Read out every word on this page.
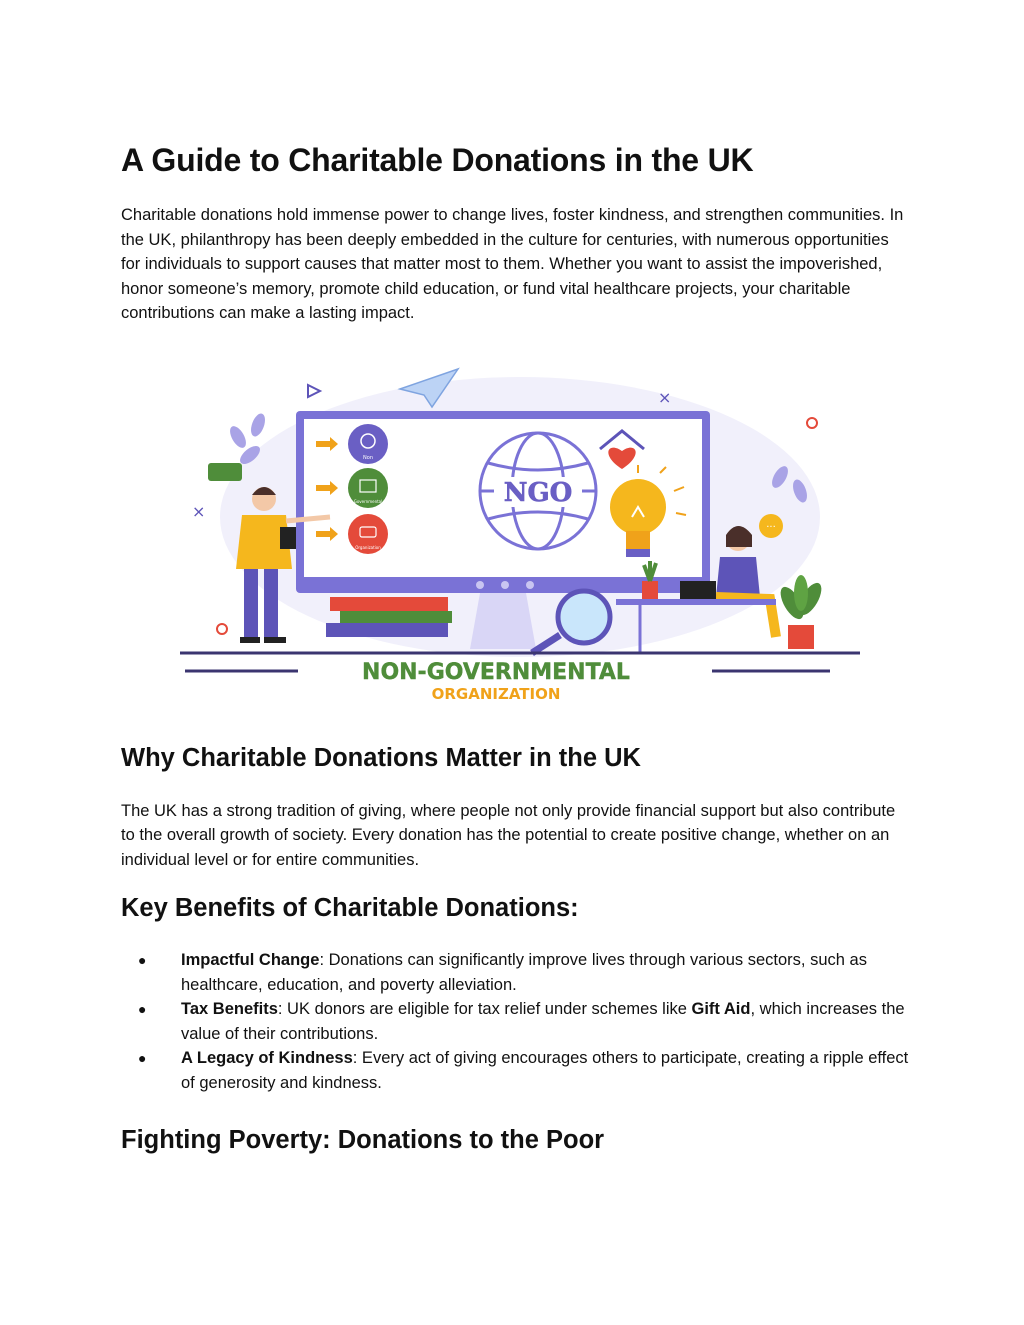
A Guide to Charitable Donations in the UK

Charitable donations hold immense power to change lives, foster kindness, and strengthen communities. In the UK, philanthropy has been deeply embedded in the culture for centuries, with numerous opportunities for individuals to support causes that matter most to them. Whether you want to assist the impoverished, honor someone’s memory, promote child education, or fund vital healthcare projects, your charitable contributions can make a lasting impact.

×
×
Non
Governmental
Organization
NGO
···
NON-GOVERNMENTAL
ORGANIZATION
Why Charitable Donations Matter in the UK

The UK has a strong tradition of giving, where people not only provide financial support but also contribute to the overall growth of society. Every donation has the potential to create positive change, whether on an individual level or for entire communities.

Key Benefits of Charitable Donations:
● Impactful Change: Donations can significantly improve lives through various sectors, such as healthcare, education, and poverty alleviation.
● Tax Benefits: UK donors are eligible for tax relief under schemes like Gift Aid, which increases the value of their contributions.
● A Legacy of Kindness: Every act of giving encourages others to participate, creating a ripple effect of generosity and kindness.
Fighting Poverty: Donations to the Poor
